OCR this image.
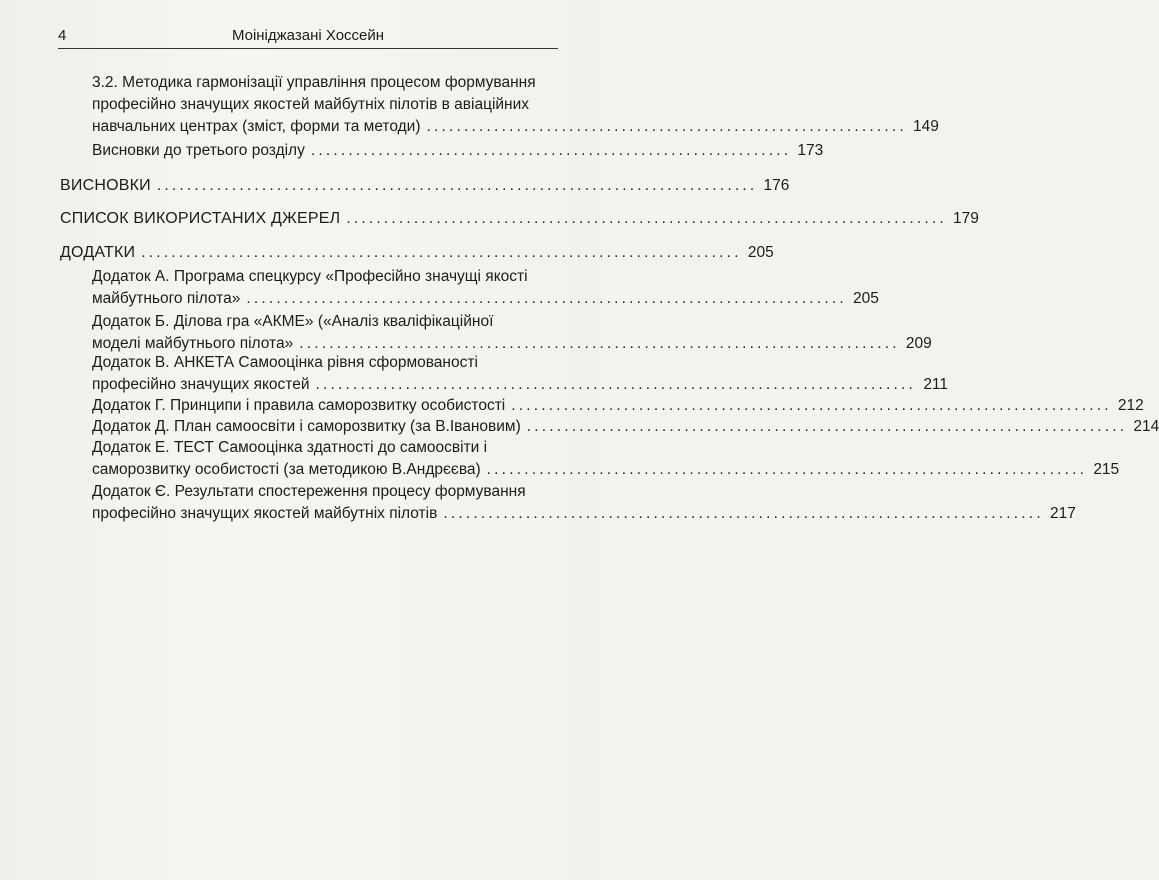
4	Моініджазані Хоссейн
3.2. Методика гармонізації управління процесом формування
професійно значущих якостей майбутніх пілотів в авіаційних
навчальних центрах (зміст, форми та методи) ................................................................ 149
Висновки до третього розділу ................................................................ 173
ВИСНОВКИ ................................................................................ 176
СПИСОК ВИКОРИСТАНИХ ДЖЕРЕЛ ................................................................................ 179
ДОДАТКИ ................................................................................ 205
Додаток А. Програма спецкурсу «Професійно значущі якості
майбутнього пілота» ................................................................................ 205
Додаток Б. Ділова гра «АКМЕ» («Аналіз кваліфікаційної
моделі майбутнього пілота» ................................................................................ 209
Додаток В. АНКЕТА Самооцінка рівня сформованості
професійно значущих якостей ................................................................................ 211
Додаток Г. Принципи і правила саморозвитку особистості ................................................................................ 212
Додаток Д. План самоосвіти і саморозвитку (за В.Івановим) ................................................................................ 214
Додаток Е. ТЕСТ Самооцінка здатності до самоосвіти і
саморозвитку особистості (за методикою В.Андрєєва) ................................................................................ 215
Додаток Є. Результати спостереження процесу формування
професійно значущих якостей майбутніх пілотів ................................................................................ 217
